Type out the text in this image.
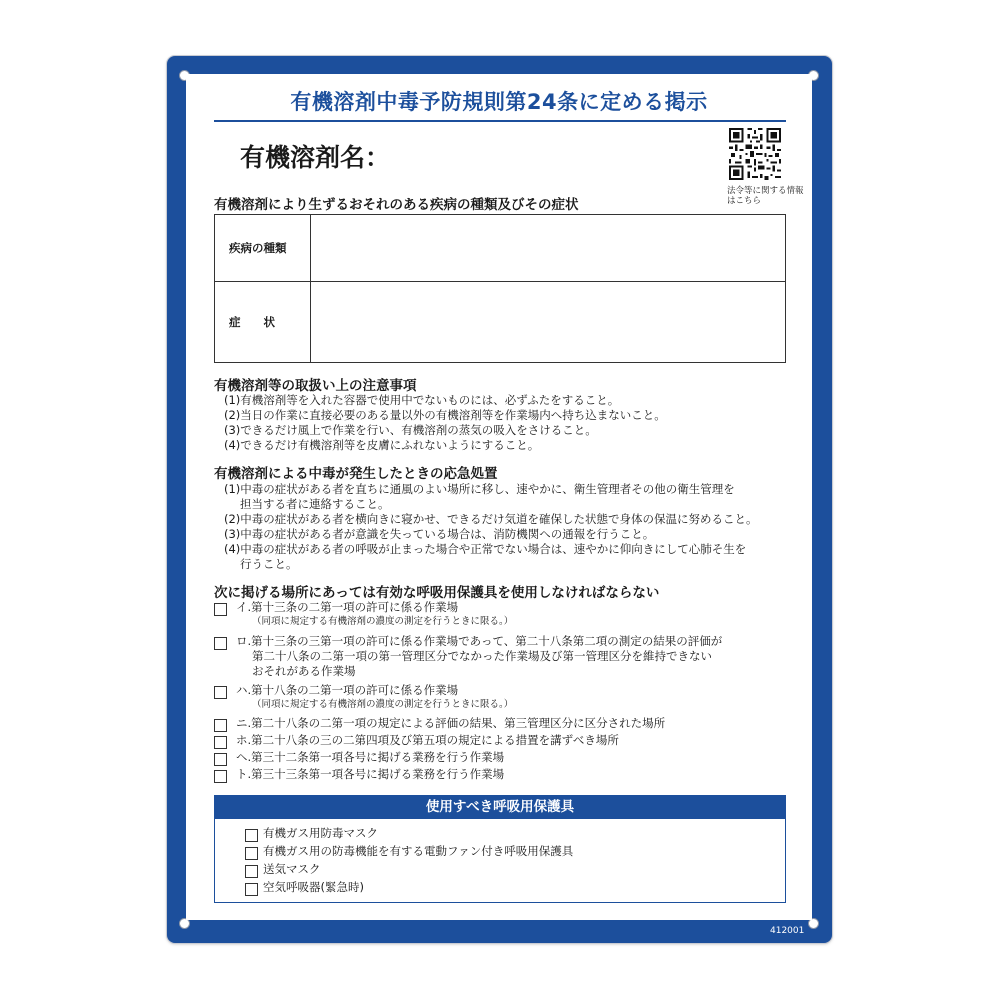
有機溶剤中毒予防規則第24条に定める掲示
有機溶剤名：
法令等に関する情報はこちら
有機溶剤により生ずるおそれのある疾病の種類及びその症状
疾病の種類	
症　　状	
有機溶剤等の取扱い上の注意事項
(1)有機溶剤等を入れた容器で使用中でないものには、必ずふたをすること。
(2)当日の作業に直接必要のある量以外の有機溶剤等を作業場内へ持ち込まないこと。
(3)できるだけ風上で作業を行い、有機溶剤の蒸気の吸入をさけること。
(4)できるだけ有機溶剤等を皮膚にふれないようにすること。
有機溶剤による中毒が発生したときの応急処置
(1)中毒の症状がある者を直ちに通風のよい場所に移し、速やかに、衛生管理者その他の衛生管理を
担当する者に連絡すること。
(2)中毒の症状がある者を横向きに寝かせ、できるだけ気道を確保した状態で身体の保温に努めること。
(3)中毒の症状がある者が意識を失っている場合は、消防機関への通報を行うこと。
(4)中毒の症状がある者の呼吸が止まった場合や正常でない場合は、速やかに仰向きにして心肺そ生を
行うこと。
次に掲げる場所にあっては有効な呼吸用保護具を使用しなければならない
イ.第十三条の二第一項の許可に係る作業場
（同項に規定する有機溶剤の濃度の測定を行うときに限る。）
ロ.第十三条の三第一項の許可に係る作業場であって、第二十八条第二項の測定の結果の評価が
第二十八条の二第一項の第一管理区分でなかった作業場及び第一管理区分を維持できない
おそれがある作業場
ハ.第十八条の二第一項の許可に係る作業場
（同項に規定する有機溶剤の濃度の測定を行うときに限る。）
ニ.第二十八条の二第一項の規定による評価の結果、第三管理区分に区分された場所
ホ.第二十八条の三の二第四項及び第五項の規定による措置を講ずべき場所
ヘ.第三十二条第一項各号に掲げる業務を行う作業場
ト.第三十三条第一項各号に掲げる業務を行う作業場
使用すべき呼吸用保護具
有機ガス用防毒マスク
有機ガス用の防毒機能を有する電動ファン付き呼吸用保護具
送気マスク
空気呼吸器(緊急時)
412001
